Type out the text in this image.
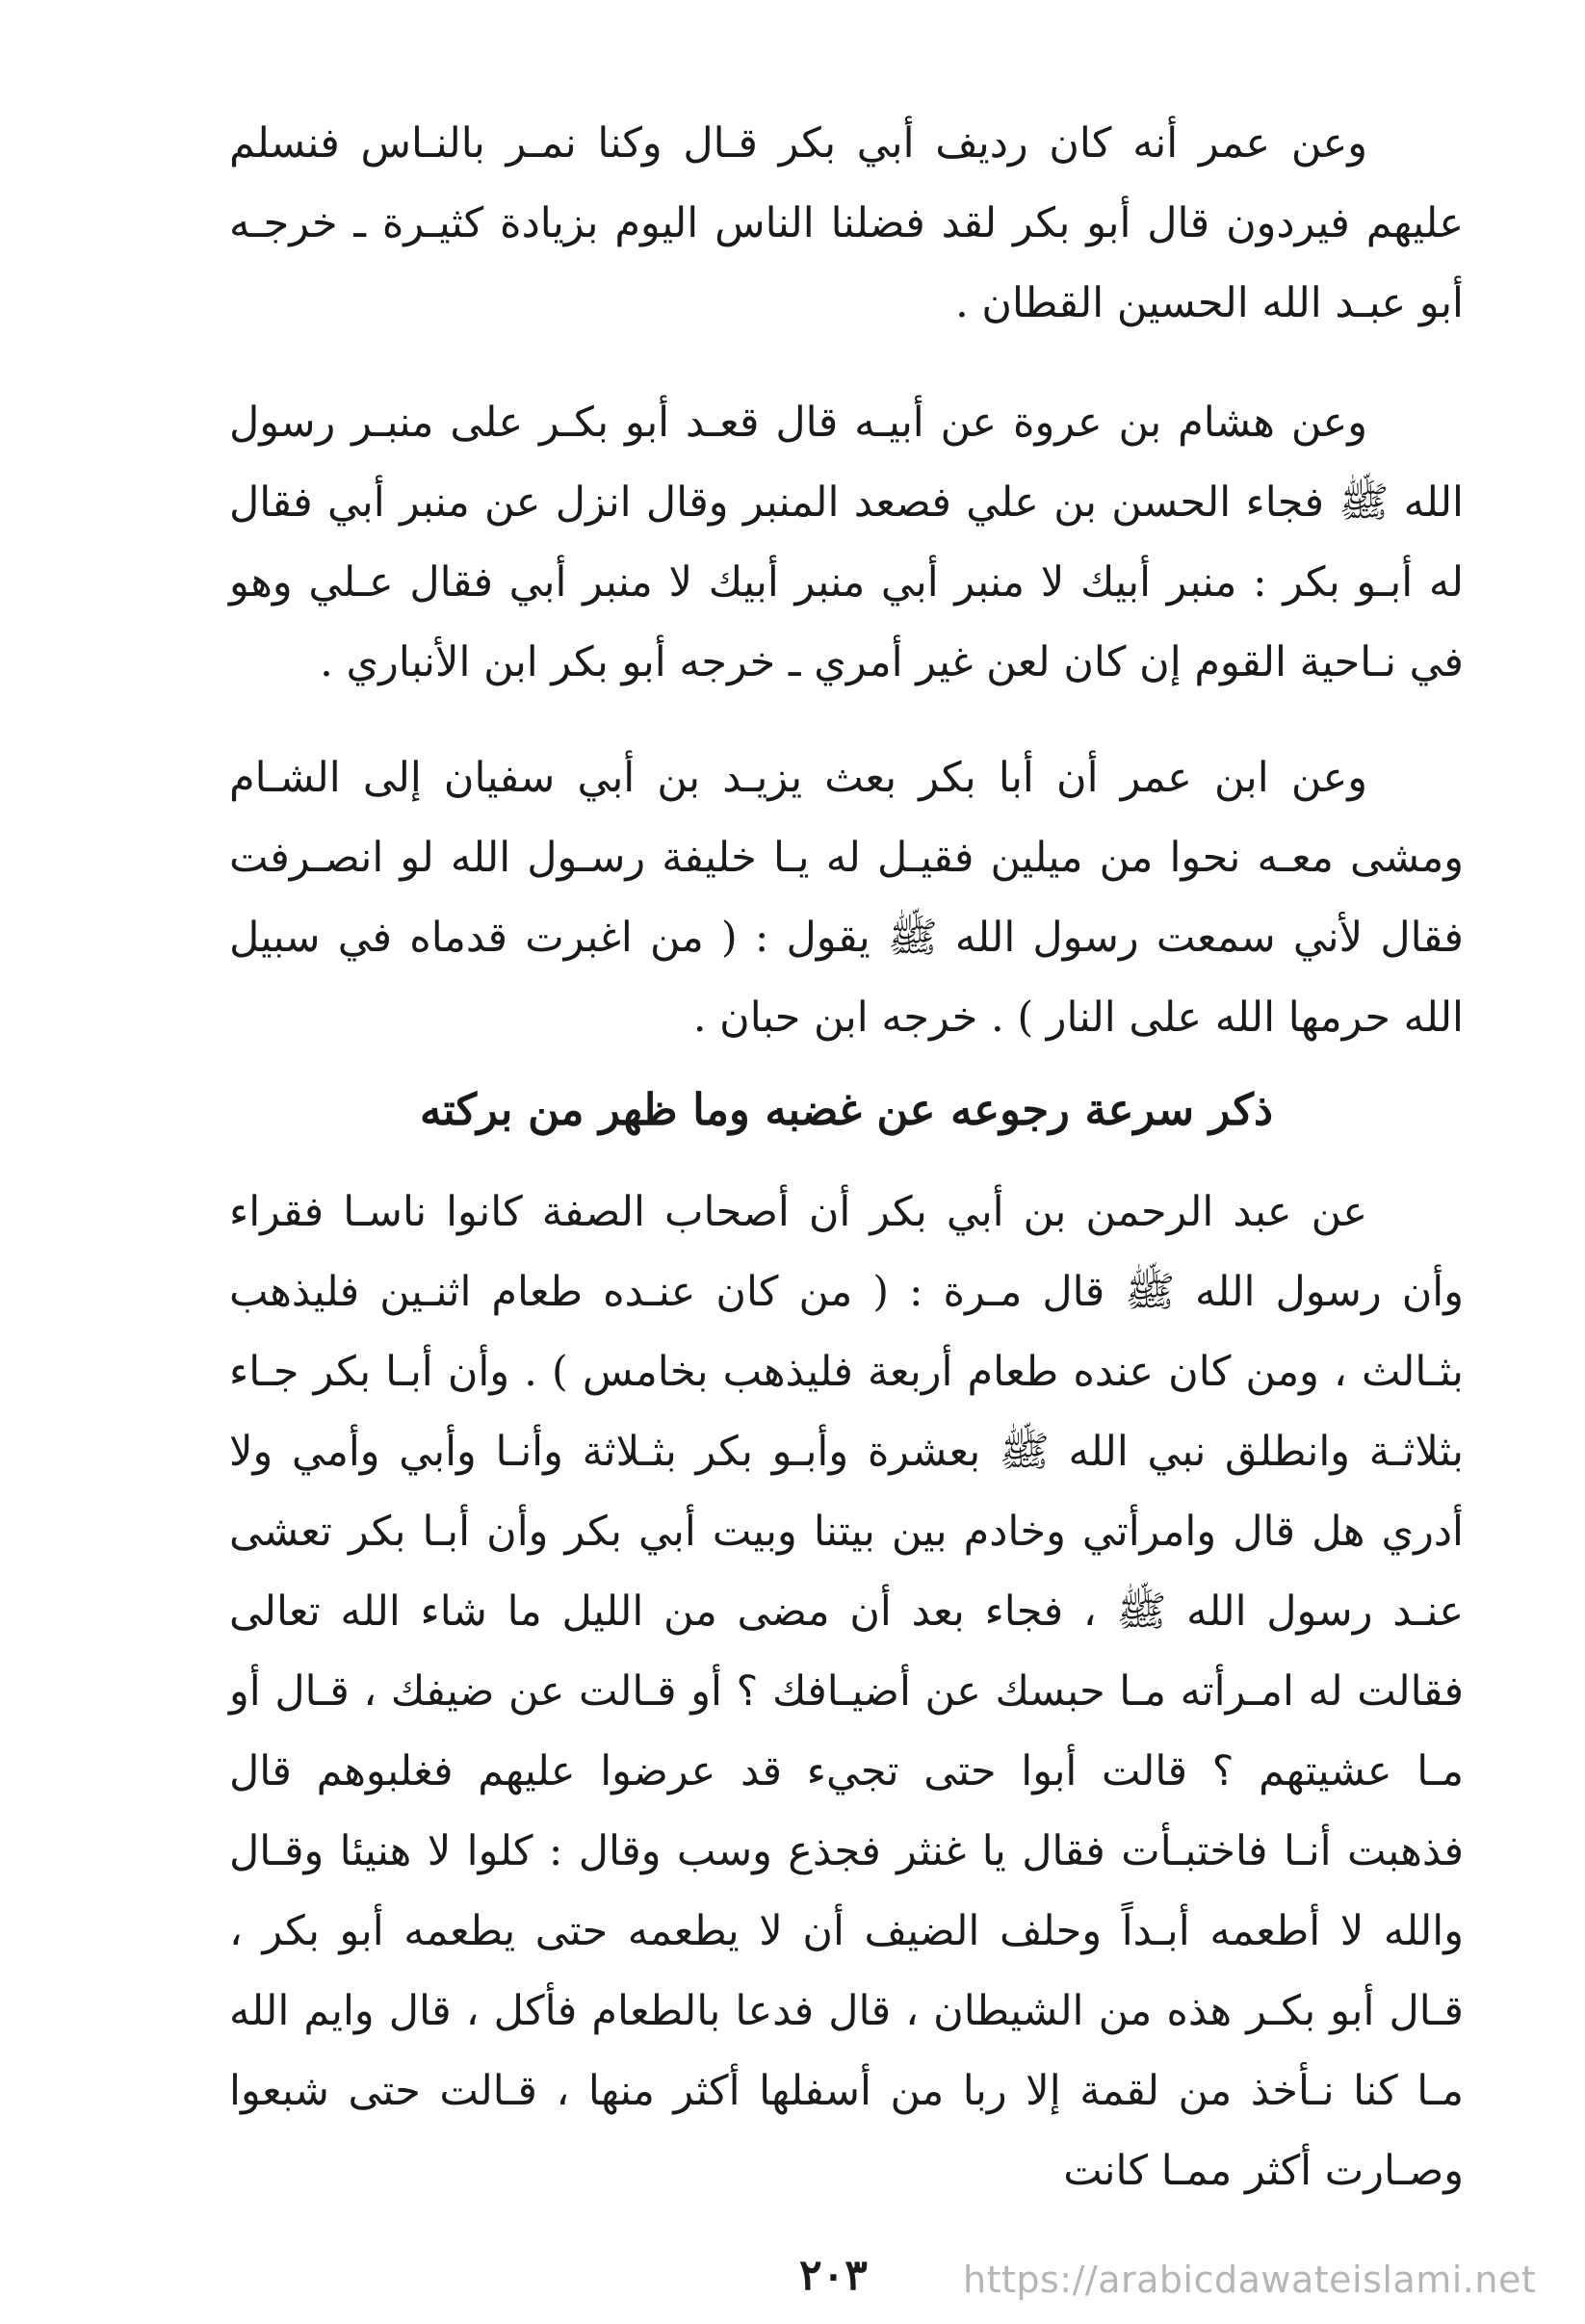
وعن عمر أنه كان رديف أبي بكر قـال وكنا نمـر بالنـاس فنسلم عليهم فيردون قال أبو بكر لقد فضلنا الناس اليوم بزيادة كثيـرة ـ خرجـه أبو عبـد الله الحسين القطان .
وعن هشام بن عروة عن أبيـه قال قعـد أبو بكـر على منبـر رسول الله ﷺ فجاء الحسن بن علي فصعد المنبر وقال انزل عن منبر أبي فقال له أبـو بكر : منبر أبيك لا منبر أبي منبر أبيك لا منبر أبي فقال عـلي وهو في نـاحية القوم إن كان لعن غير أمري ـ خرجه أبو بكر ابن الأنباري .
وعن ابن عمر أن أبا بكر بعث يزيـد بن أبي سفيان إلى الشـام ومشى معـه نحوا من ميلين فقيـل له يـا خليفة رسـول الله لو انصـرفت فقال لأني سمعت رسول الله ﷺ يقول : ( من اغبرت قدماه في سبيل الله حرمها الله على النار ) . خرجه ابن حبان .
ذكر سرعة رجوعه عن غضبه وما ظهر من بركته
عن عبد الرحمن بن أبي بكر أن أصحاب الصفة كانوا ناسـا فقراء وأن رسول الله ﷺ قال مـرة : ( من كان عنـده طعام اثنـين فليذهب بثـالث ، ومن كان عنده طعام أربعة فليذهب بخامس ) . وأن أبـا بكر جـاء بثلاثـة وانطلق نبي الله ﷺ بعشرة وأبـو بكر بثـلاثة وأنـا وأبي وأمي ولا أدري هل قال وامرأتي وخادم بين بيتنا وبيت أبي بكر وأن أبـا بكر تعشى عنـد رسول الله ﷺ ، فجاء بعد أن مضى من الليل ما شاء الله تعالى فقالت له امـرأته مـا حبسك عن أضيـافك ؟ أو قـالت عن ضيفك ، قـال أو مـا عشيتهم ؟ قالت أبوا حتى تجيء قد عرضوا عليهم فغلبوهم قال فذهبت أنـا فاختبـأت فقال يا غنثر فجذع وسب وقال : كلوا لا هنيئا وقـال والله لا أطعمه أبـداً وحلف الضيف أن لا يطعمه حتى يطعمه أبو بكر ، قـال أبو بكـر هذه من الشيطان ، قال فدعا بالطعام فأكل ، قال وايم الله مـا كنا نـأخذ من لقمة إلا ربا من أسفلها أكثر منها ، قـالت حتى شبعوا وصـارت أكثر ممـا كانت
٢٠٣	https://arabicdawateislami.net
